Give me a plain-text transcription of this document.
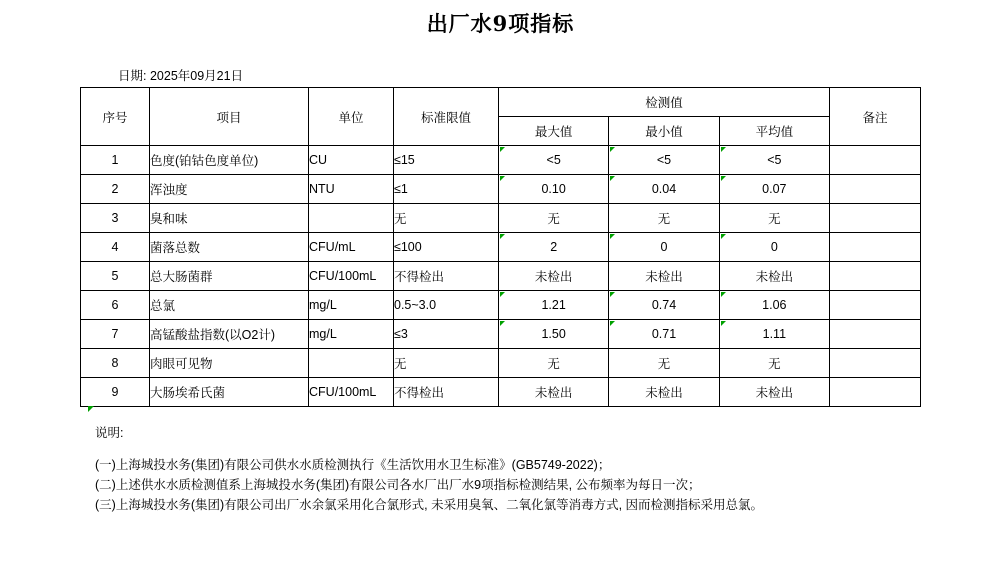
出厂水9项指标
日期: 2025年09月21日
序号	项目	单位	标准限值	检测值			备注
				最大值	最小值	平均值	
1	色度(铂钴色度单位)	CU	≤15	<5	<5	<5	
2	浑浊度	NTU	≤1	0.10	0.04	0.07	
3	臭和味		无	无	无	无	
4	菌落总数	CFU/mL	≤100	2	0	0	
5	总大肠菌群	CFU/100mL	不得检出	未检出	未检出	未检出	
6	总氯	mg/L	0.5~3.0	1.21	0.74	1.06	
7	高锰酸盐指数(以O2计)	mg/L	≤3	1.50	0.71	1.11	
8	肉眼可见物		无	无	无	无	
9	大肠埃希氏菌	CFU/100mL	不得检出	未检出	未检出	未检出	
说明:
(一)上海城投水务(集团)有限公司供水水质检测执行《生活饮用水卫生标准》(GB5749-2022)；
(二)上述供水水质检测值系上海城投水务(集团)有限公司各水厂出厂水9项指标检测结果, 公布频率为每日一次；
(三)上海城投水务(集团)有限公司出厂水余氯采用化合氯形式, 未采用臭氧、二氧化氯等消毒方式, 因而检测指标采用总氯。
